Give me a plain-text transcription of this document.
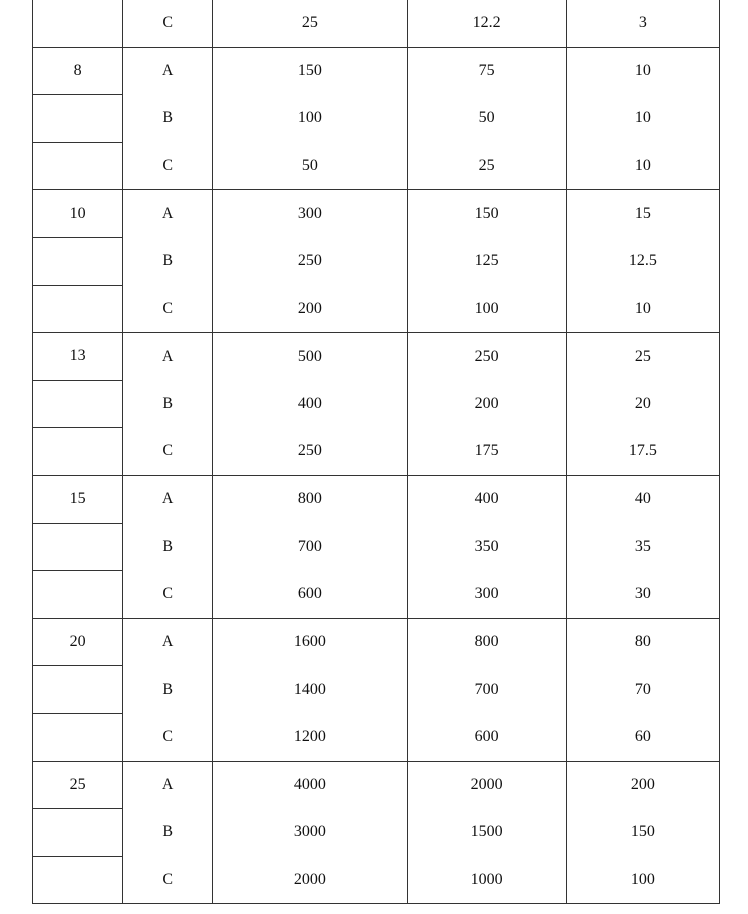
	C	25	12.2	3
8	A	150	75	10
	B	100	50	10
	C	50	25	10
10	A	300	150	15
	B	250	125	12.5
	C	200	100	10
13	A	500	250	25
	B	400	200	20
	C	250	175	17.5
15	A	800	400	40
	B	700	350	35
	C	600	300	30
20	A	1600	800	80
	B	1400	700	70
	C	1200	600	60
25	A	4000	2000	200
	B	3000	1500	150
	C	2000	1000	100
